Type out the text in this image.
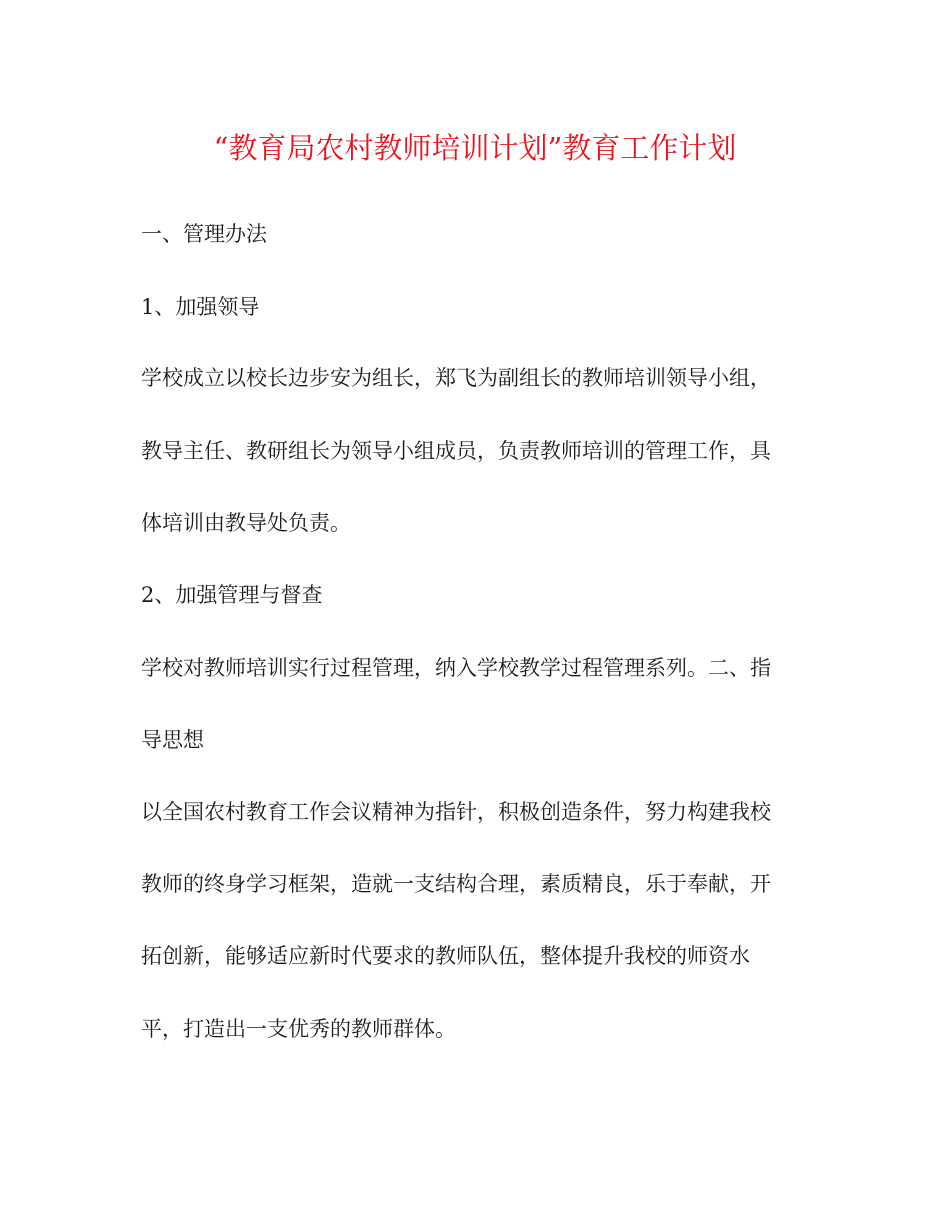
“教育局农村教师培训计划”教育工作计划

一、管理办法

1、加强领导

学校成立以校长边步安为组长，郑飞为副组长的教师培训领导小组，

教导主任、教研组长为领导小组成员，负责教师培训的管理工作，具

体培训由教导处负责。

2、加强管理与督查

学校对教师培训实行过程管理，纳入学校教学过程管理系列。二、指

导思想

以全国农村教育工作会议精神为指针，积极创造条件，努力构建我校

教师的终身学习框架，造就一支结构合理，素质精良，乐于奉献，开

拓创新，能够适应新时代要求的教师队伍，整体提升我校的师资水

平，打造出一支优秀的教师群体。
